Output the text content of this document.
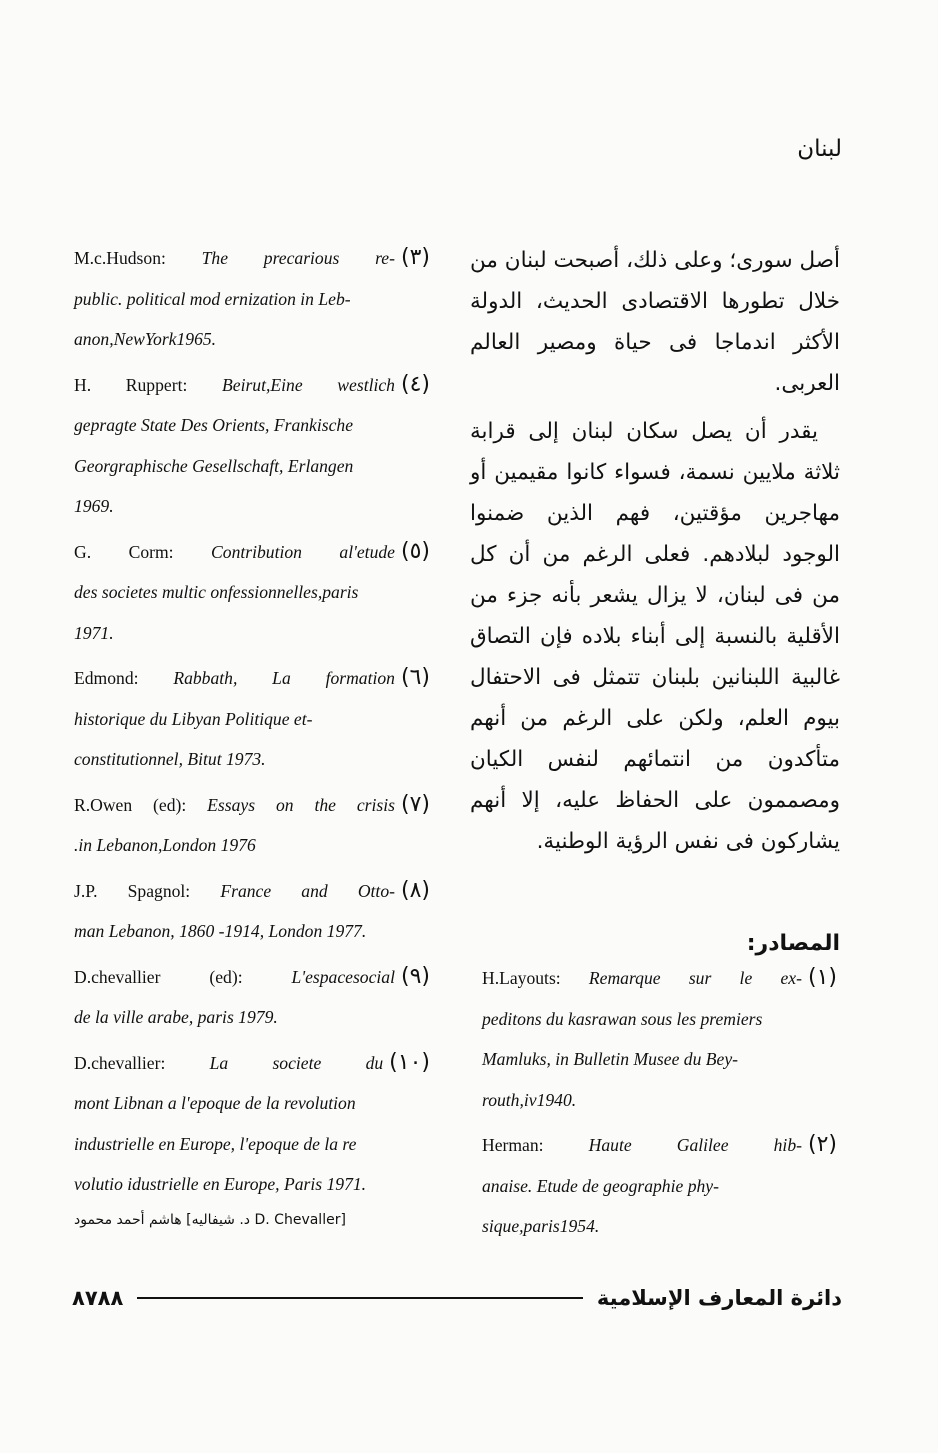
لبنان

أصل سورى؛ وعلى ذلك، أصبحت لبنان من خلال تطورها الاقتصادى الحديث، الدولة الأكثر اندماجا فى حياة ومصير العالم العربى.

يقدر أن يصل سكان لبنان إلى قرابة ثلاثة ملايين نسمة، فسواء كانوا مقيمين أو مهاجرين مؤقتين، فهم الذين ضمنوا الوجود لبلادهم. فعلى الرغم من أن كل من فى لبنان، لا يزال يشعر بأنه جزء من الأقلية بالنسبة إلى أبناء بلاده فإن التصاق غالبية اللبنانين بلبنان تتمثل فى الاحتفال بيوم العلم، ولكن على الرغم من أنهم متأكدون من انتمائهم لنفس الكيان ومصممون على الحفاظ عليه، إلا أنهم يشاركون فى نفس الرؤية الوطنية.

المصادر:

H.Layouts: Remarque sur le ex- (١)

peditons du kasrawan sous les premiers

Mamluks, in Bulletin Musee du Bey-

routh,iv1940.

Herman: Haute Galilee hib- (٢)

anaise. Etude de geographie phy-

sique,paris1954.

M.c.Hudson: The precarious re- (٣)

public. political mod ernization in Leb-

anon,NewYork1965.

H. Ruppert: Beirut,Eine westlich (٤)

gepragte State Des Orients, Frankische

Georgraphische Gesellschaft, Erlangen

1969.

G. Corm: Contribution al'etude (٥)

des societes multic onfessionnelles,paris

1971.

Edmond: Rabbath, La formation (٦)

historique du Libyan Politique et-

constitutionnel, Bitut 1973.

R.Owen (ed): Essays on the crisis (٧)

.in Lebanon,London 1976

J.P. Spagnol: France and Otto- (٨)

man Lebanon, 1860 -1914, London 1977.

D.chevallier (ed): L'espacesocial (٩)

de la ville arabe, paris 1979.

D.chevallier: La societe du (١٠)

mont Libnan a l'epoque de la revolution

industrielle en Europe, l'epoque de la re

volutio idustrielle en Europe, Paris 1971.

هاشم أحمد محمود [د. شيفاليه D. Chevaller]
٨٧٨٨	دائرة المعارف الإسلامية
